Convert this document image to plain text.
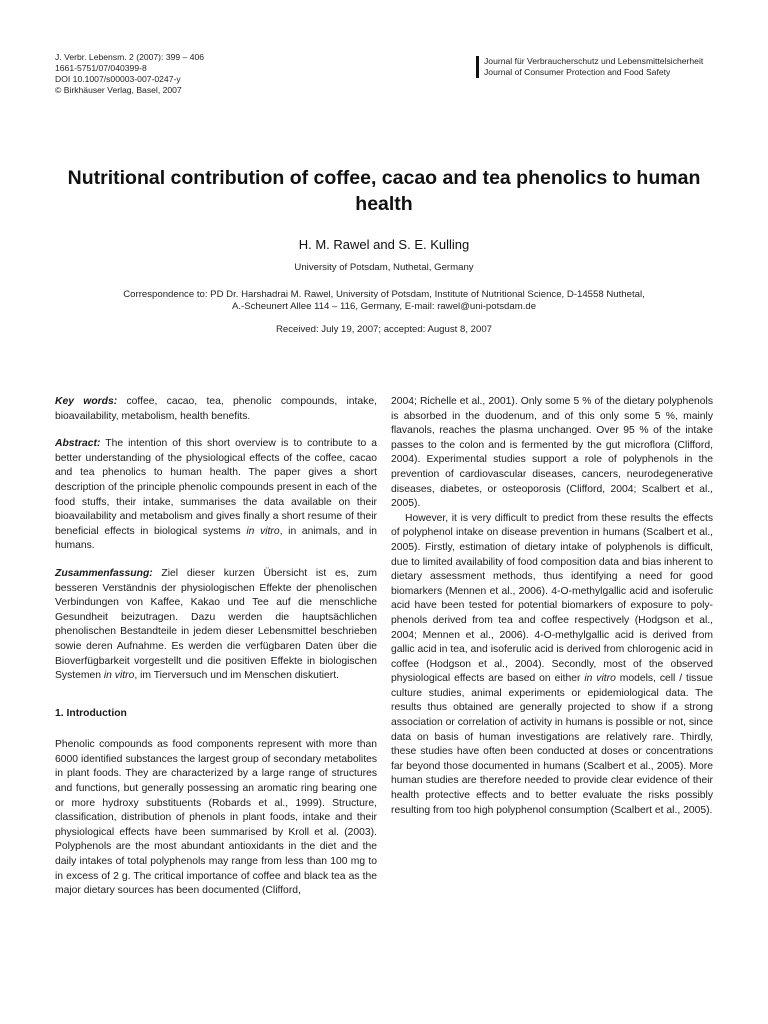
J. Verbr. Lebensm. 2 (2007): 399 – 406
1661-5751/07/040399-8
DOI 10.1007/s00003-007-0247-y
© Birkhäuser Verlag, Basel, 2007
Journal für Verbraucherschutz und Lebensmittelsicherheit
Journal of Consumer Protection and Food Safety
Nutritional contribution of coffee, cacao and tea phenolics to human health
H. M. Rawel and S. E. Kulling
University of Potsdam, Nuthetal, Germany
Correspondence to: PD Dr. Harshadrai M. Rawel, University of Potsdam, Institute of Nutritional Science, D-14558 Nuthetal,
A.-Scheunert Allee 114 – 116, Germany, E-mail: rawel@uni-potsdam.de
Received: July 19, 2007; accepted: August 8, 2007

Key words: coffee, cacao, tea, phenolic compounds, intake, bioavailability, metabolism, health benefits.

Abstract: The intention of this short overview is to contribute to a better understanding of the physiological effects of the coffee, cacao and tea phenolics to human health. The paper gives a short description of the principle phenolic compounds present in each of the food stuffs, their intake, summarises the data available on their bioavailability and metabolism and gives finally a short resume of their beneficial effects in biological systems in vitro, in animals, and in humans.

Zusammenfassung: Ziel dieser kurzen Übersicht ist es, zum besseren Verständnis der physiologischen Effekte der phenolischen Verbindungen von Kaffee, Kakao und Tee auf die menschliche Gesundheit beizutragen. Dazu werden die hauptsächlichen phenolischen Bestandteile in jedem dieser Lebensmittel beschrieben sowie deren Aufnahme. Es werden die verfügbaren Daten über die Bioverfügbarkeit vorgestellt und die positiven Effekte in biologischen Systemen in vitro, im Tierversuch und im Menschen diskutiert.

1. Introduction

Phenolic compounds as food components represent with more than 6000 identified substances the largest group of secondary metabolites in plant foods. They are characterized by a large range of structures and functions, but generally possessing an aromatic ring bearing one or more hydroxy substituents (Robards et al., 1999). Structure, classification, distribution of phenols in plant foods, intake and their physiological effects have been summarised by Kroll et al. (2003). Polyphenols are the most abundant antioxidants in the diet and the daily intakes of total polyphenols may range from less than 100 mg to in excess of 2 g. The critical importance of coffee and black tea as the major dietary sources has been documented (Clifford,

2004; Richelle et al., 2001). Only some 5 % of the dietary polyphenols is absorbed in the duodenum, and of this only some 5 %, mainly flavanols, reaches the plasma unchanged. Over 95 % of the intake passes to the colon and is fermented by the gut microflora (Clifford, 2004). Experimental studies support a role of polyphenols in the prevention of cardiovascular diseases, cancers, neurodegenerative diseases, diabetes, or osteoporosis (Clifford, 2004; Scalbert et al., 2005).

However, it is very difficult to predict from these results the effects of polyphenol intake on disease prevention in humans (Scalbert et al., 2005). Firstly, estimation of dietary intake of polyphenols is difficult, due to limited availability of food composition data and bias inherent to dietary assessment methods, thus identifying a need for good biomarkers (Mennen et al., 2006). 4-O-methylgallic acid and isoferulic acid have been tested for potential biomarkers of exposure to polyphenols derived from tea and coffee respectively (Hodgson et al., 2004; Mennen et al., 2006). 4-O-methylgallic acid is derived from gallic acid in tea, and isoferulic acid is derived from chlorogenic acid in coffee (Hodgson et al., 2004). Secondly, most of the observed physiological effects are based on either in vitro models, cell / tissue culture studies, animal experiments or epidemiological data. The results thus obtained are generally projected to show if a strong association or correlation of activity in humans is possible or not, since data on basis of human investigations are relatively rare. Thirdly, these studies have often been conducted at doses or concentrations far beyond those documented in humans (Scalbert et al., 2005). More human studies are therefore needed to provide clear evidence of their health protective effects and to better evaluate the risks possibly resulting from too high polyphenol consumption (Scalbert et al., 2005).
